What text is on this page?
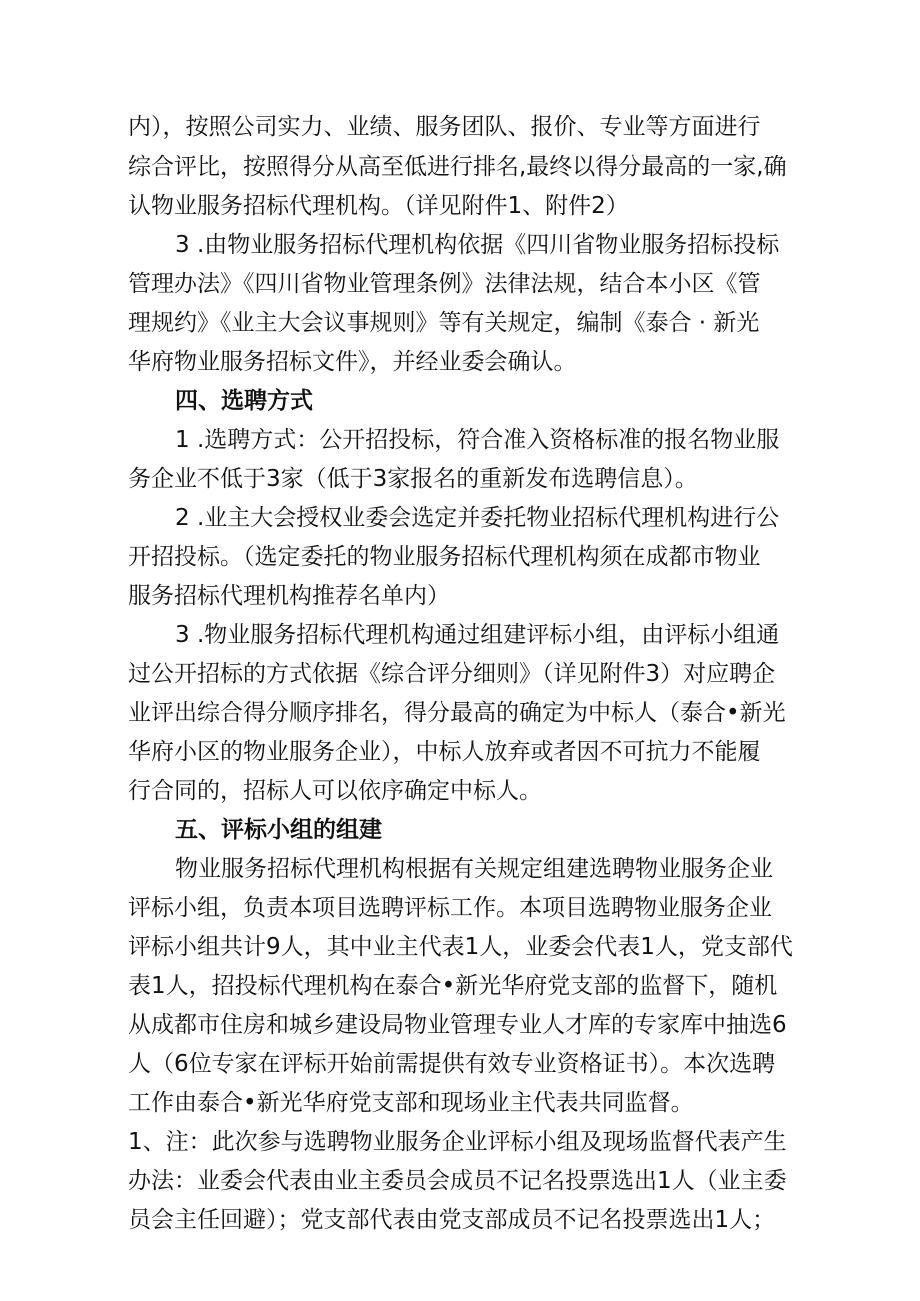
内），按照公司实力、业绩、服务团队、报价、专业等方面进行
综合评比，按照得分从高至低进行排名,最终以得分最高的一家,确
认物业服务招标代理机构。（详见附件1、附件2）
3 .由物业服务招标代理机构依据《四川省物业服务招标投标
管理办法》《四川省物业管理条例》法律法规，结合本小区《管
理规约》《业主大会议事规则》等有关规定，编制《泰合 · 新光
华府物业服务招标文件》，并经业委会确认。
四、选聘方式
1 .选聘方式：公开招投标，符合准入资格标准的报名物业服
务企业不低于3家（低于3家报名的重新发布选聘信息）。
2 .业主大会授权业委会选定并委托物业招标代理机构进行公
开招投标。（选定委托的物业服务招标代理机构须在成都市物业
服务招标代理机构推荐名单内）
3 .物业服务招标代理机构通过组建评标小组，由评标小组通
过公开招标的方式依据《综合评分细则》（详见附件3）对应聘企
业评出综合得分顺序排名，得分最高的确定为中标人（泰合•新光
华府小区的物业服务企业），中标人放弃或者因不可抗力不能履
行合同的，招标人可以依序确定中标人。
五、评标小组的组建
物业服务招标代理机构根据有关规定组建选聘物业服务企业
评标小组，负责本项目选聘评标工作。本项目选聘物业服务企业
评标小组共计9人，其中业主代表1人，业委会代表1人，党支部代
表1人，招投标代理机构在泰合•新光华府党支部的监督下，随机
从成都市住房和城乡建设局物业管理专业人才库的专家库中抽选6
人（6位专家在评标开始前需提供有效专业资格证书）。本次选聘
工作由泰合•新光华府党支部和现场业主代表共同监督。
1、注：此次参与选聘物业服务企业评标小组及现场监督代表产生
办法：业委会代表由业主委员会成员不记名投票选出1人（业主委
员会主任回避）；党支部代表由党支部成员不记名投票选出1人；
